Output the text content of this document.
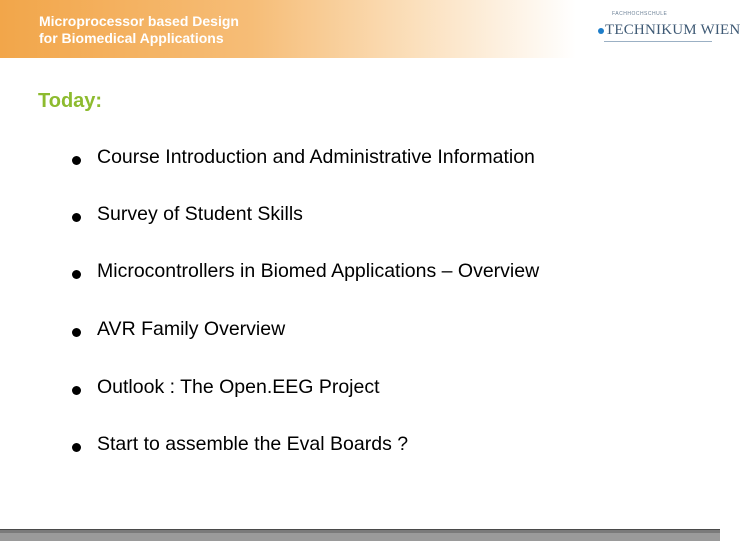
Microprocessor based Design
for Biomedical Applications
FACHHOCHSCHULE
TECHNIKUM WIEN
Today:
Course Introduction and Administrative Information
Survey of Student Skills
Microcontrollers in Biomed Applications – Overview
AVR Family Overview
Outlook : The Open.EEG Project
Start to assemble the Eval Boards ?
